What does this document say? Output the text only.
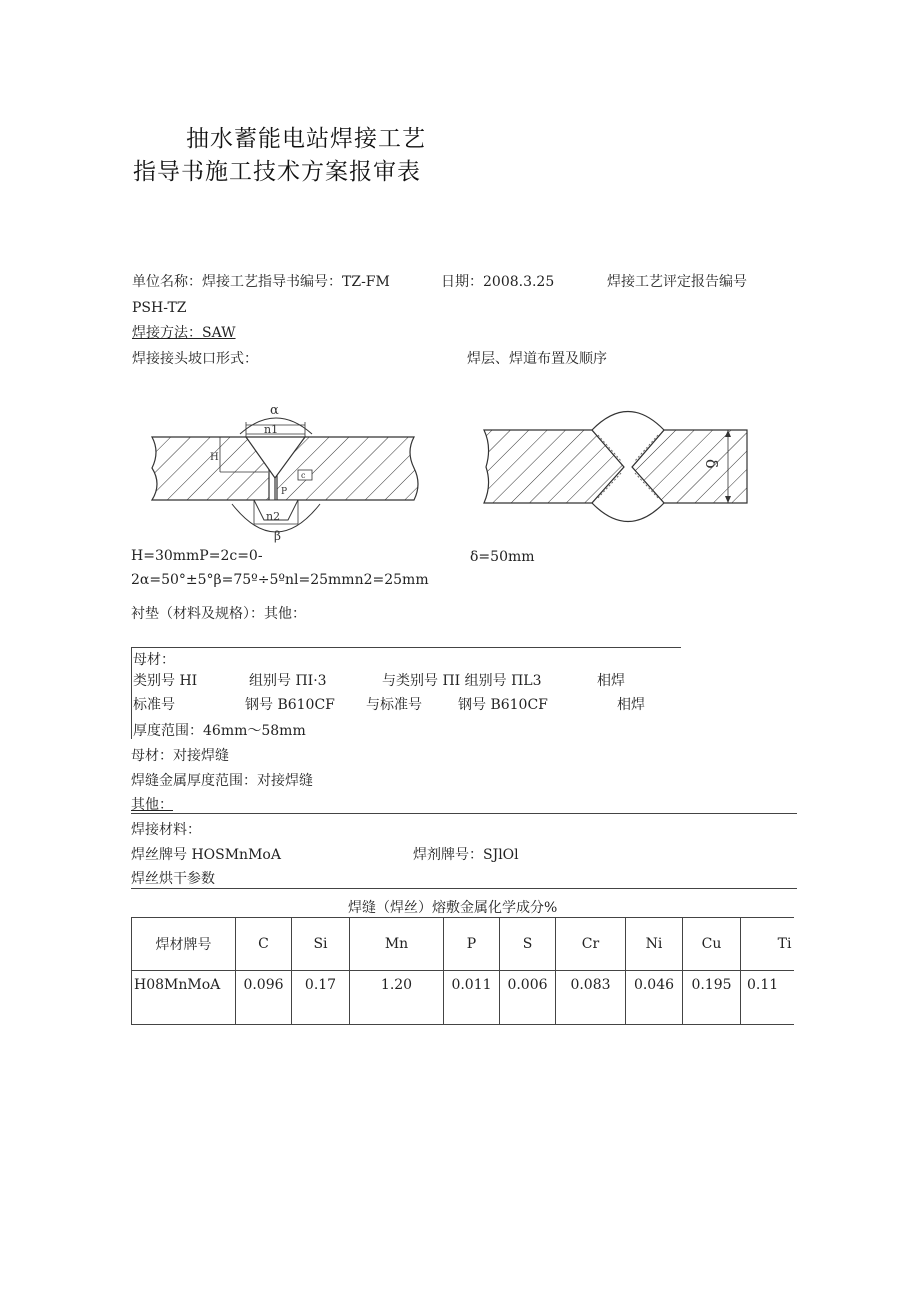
抽水蓄能电站焊接工艺
指导书施工技术方案报审表
单位名称：焊接工艺指导书编号：TZ-FM	日期：2008.3.25	焊接工艺评定报告编号
PSH-TZ
焊接方法：SAW
焊接接头坡口形式：	焊层、焊道布置及顺序
α
n1
H
c
P
n2
β
δ
H=30mmP=2c=0-
2α=50°±5°β=75º÷5ºnl=25mmn2=25mm
δ=50mm
衬垫（材料及规格）：其他：
母材：
类别号 HI	组别号 ΠI·3	与类别号 ΠI 组别号 ΠL3	相焊
标准号	钢号 B610CF 与标准号	钢号 B610CF	相焊
厚度范围：46mm～58mm
母材：对接焊缝
焊缝金属厚度范围：对接焊缝
其他：
焊接材料：
焊丝牌号 HOSMnMoA	焊剂牌号：SJlOl
焊丝烘干参数
焊缝（焊丝）熔敷金属化学成分%
焊材牌号	C	Si	Mn	P	S	Cr	Ni	Cu	Ti
H08MnMoA	0.096	0.17	1.20	0.011	0.006	0.083	0.046	0.195	0.11
